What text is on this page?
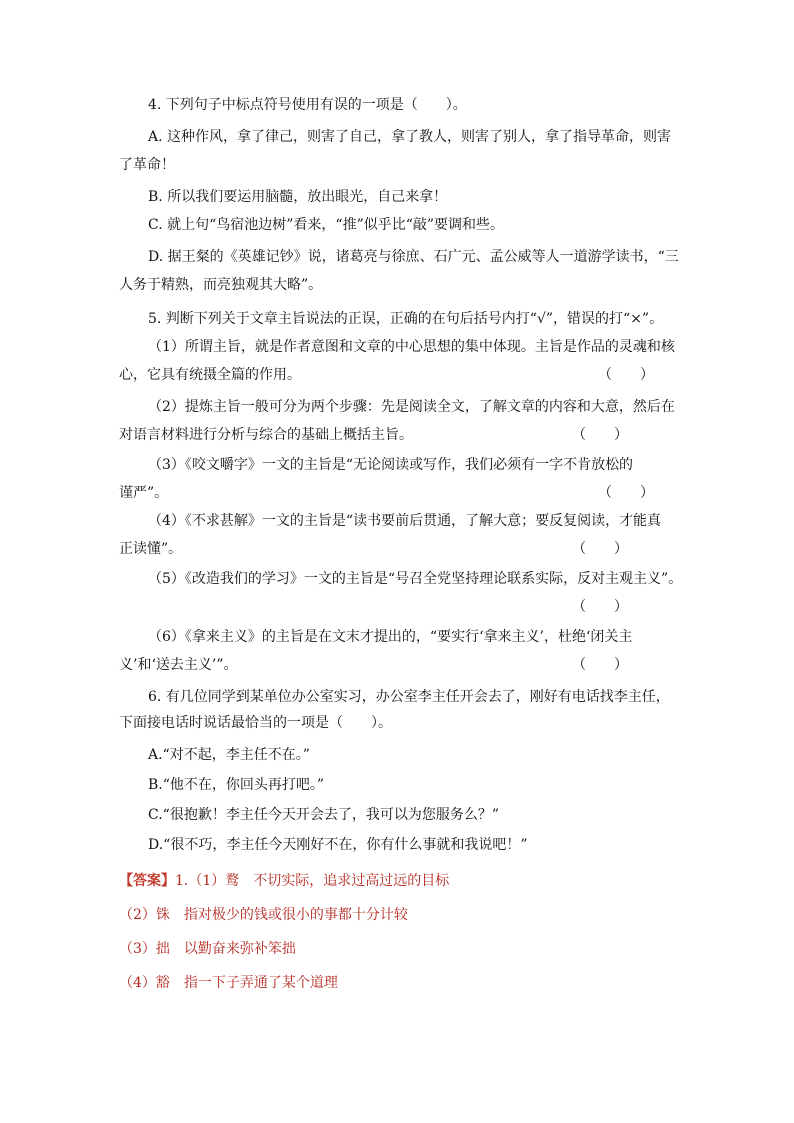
4. 下列句子中标点符号使用有误的一项是（　　）。
A. 这种作风，拿了律己，则害了自己，拿了教人，则害了别人，拿了指导革命，则害
了革命！
B. 所以我们要运用脑髓，放出眼光，自己来拿！
C. 就上句“鸟宿池边树”看来，“推”似乎比“敲”要调和些。
D. 据王粲的《英雄记钞》说，诸葛亮与徐庶、石广元、孟公威等人一道游学读书，“三
人务于精熟，而亮独观其大略”。
5. 判断下列关于文章主旨说法的正误，正确的在句后括号内打“√”，错误的打“×”。
（1）所谓主旨，就是作者意图和文章的中心思想的集中体现。主旨是作品的灵魂和核
心，它具有统摄全篇的作用。	（　　）
（2）提炼主旨一般可分为两个步骤：先是阅读全文，了解文章的内容和大意，然后在
对语言材料进行分析与综合的基础上概括主旨。	（　　）
（3）《咬文嚼字》一文的主旨是“无论阅读或写作，我们必须有一字不肯放松的
谨严”。	（　　）
（4）《不求甚解》一文的主旨是“读书要前后贯通，了解大意；要反复阅读，才能真
正读懂”。	（　　）
（5）《改造我们的学习》一文的主旨是“号召全党坚持理论联系实际，反对主观主义”。
（　　）
（6）《拿来主义》的主旨是在文末才提出的，“要实行‘拿来主义’，杜绝‘闭关主
义’和‘送去主义’”。	（　　）
6. 有几位同学到某单位办公室实习，办公室李主任开会去了，刚好有电话找李主任，
下面接电话时说话最恰当的一项是（　　）。
A.“对不起，李主任不在。”
B.“他不在，你回头再打吧。”
C.“很抱歉！李主任今天开会去了，我可以为您服务么？”
D.“很不巧，李主任今天刚好不在，你有什么事就和我说吧！”
【答案】1.（1）鹜　不切实际，追求过高过远的目标
（2）铢　指对极少的钱或很小的事都十分计较
（3）拙　以勤奋来弥补笨拙
（4）豁　指一下子弄通了某个道理
